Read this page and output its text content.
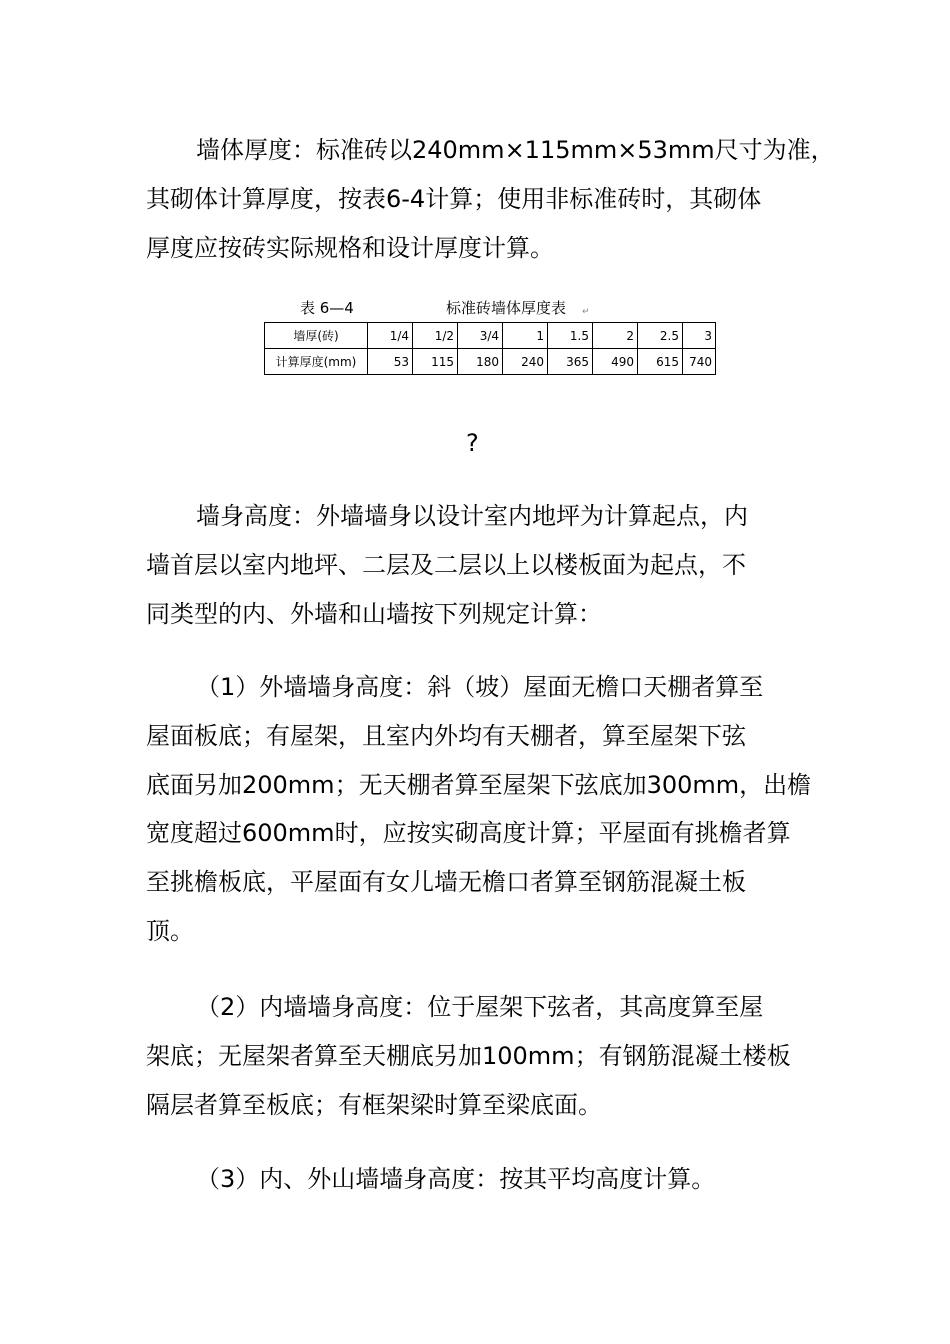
墙体厚度：标准砖以240mm×115mm×53mm尺寸为准，
其砌体计算厚度，按表6-4计算；使用非标准砖时，其砌体
厚度应按砖实际规格和设计厚度计算。

表 6—4	标准砖墙体厚度表 ↵
墙厚(砖)	1/4	1/2	3/4	1	1.5	2	2.5	3
计算厚度(mm)	53	115	180	240	365	490	615	740
?

墙身高度：外墙墙身以设计室内地坪为计算起点，内
墙首层以室内地坪、二层及二层以上以楼板面为起点，不
同类型的内、外墙和山墙按下列规定计算：

（1）外墙墙身高度：斜（坡）屋面无檐口天棚者算至
屋面板底；有屋架，且室内外均有天棚者，算至屋架下弦
底面另加200mm；无天棚者算至屋架下弦底加300mm，出檐
宽度超过600mm时，应按实砌高度计算；平屋面有挑檐者算
至挑檐板底，平屋面有女儿墙无檐口者算至钢筋混凝土板
顶。

（2）内墙墙身高度：位于屋架下弦者，其高度算至屋
架底；无屋架者算至天棚底另加100mm；有钢筋混凝土楼板
隔层者算至板底；有框架梁时算至梁底面。

（3）内、外山墙墙身高度：按其平均高度计算。
